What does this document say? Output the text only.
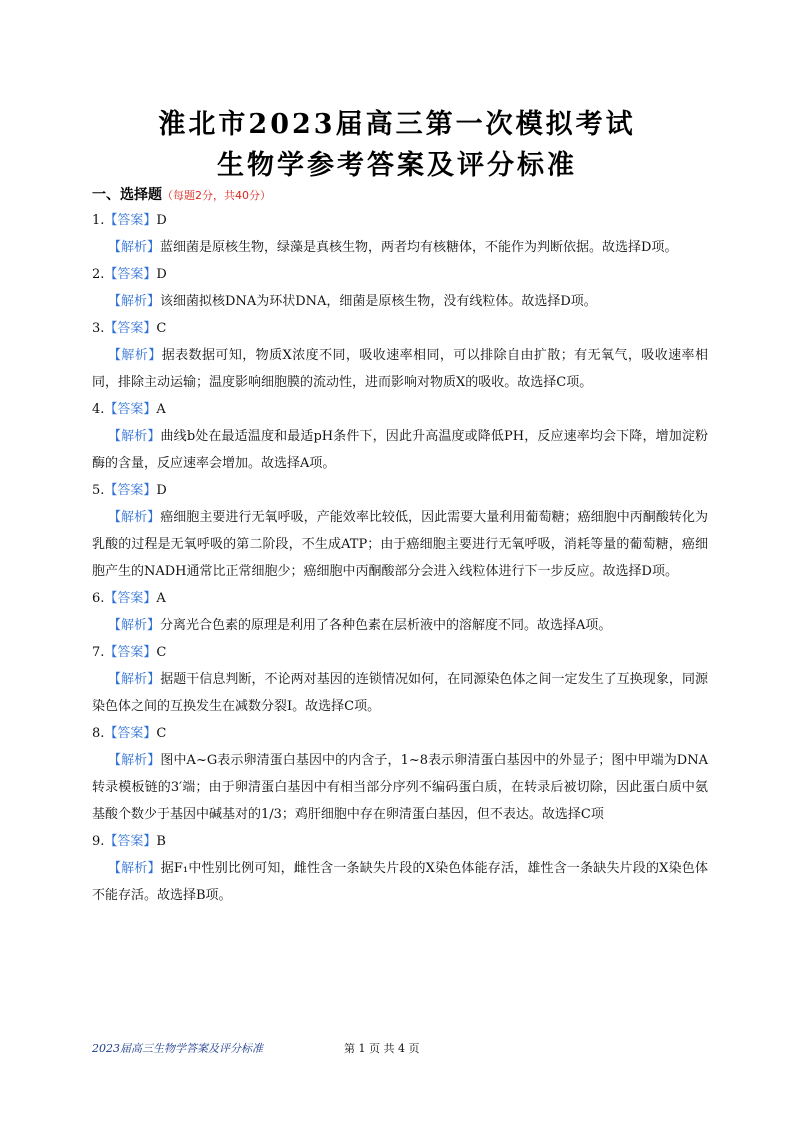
淮北市2023届高三第一次模拟考试
生物学参考答案及评分标准
一、选择题（每题2分，共40分）
1.【答案】D
【解析】蓝细菌是原核生物，绿藻是真核生物，两者均有核糖体，不能作为判断依据。故选择D项。
2.【答案】D
【解析】该细菌拟核DNA为环状DNA，细菌是原核生物，没有线粒体。故选择D项。
3.【答案】C
【解析】据表数据可知，物质X浓度不同，吸收速率相同，可以排除自由扩散；有无氧气，吸收速率相同，排除主动运输；温度影响细胞膜的流动性，进而影响对物质X的吸收。故选择C项。
4.【答案】A
【解析】曲线b处在最适温度和最适pH条件下，因此升高温度或降低PH，反应速率均会下降，增加淀粉酶的含量，反应速率会增加。故选择A项。
5.【答案】D
【解析】癌细胞主要进行无氧呼吸，产能效率比较低，因此需要大量利用葡萄糖；癌细胞中丙酮酸转化为乳酸的过程是无氧呼吸的第二阶段，不生成ATP；由于癌细胞主要进行无氧呼吸，消耗等量的葡萄糖，癌细胞产生的NADH通常比正常细胞少；癌细胞中丙酮酸部分会进入线粒体进行下一步反应。故选择D项。
6.【答案】A
【解析】分离光合色素的原理是利用了各种色素在层析液中的溶解度不同。故选择A项。
7.【答案】C
【解析】据题干信息判断，不论两对基因的连锁情况如何，在同源染色体之间一定发生了互换现象，同源染色体之间的互换发生在减数分裂Ⅰ。故选择C项。
8.【答案】C
【解析】图中A~G表示卵清蛋白基因中的内含子，1~8表示卵清蛋白基因中的外显子；图中甲端为DNA转录模板链的3′端；由于卵清蛋白基因中有相当部分序列不编码蛋白质，在转录后被切除，因此蛋白质中氨基酸个数少于基因中碱基对的1/3；鸡肝细胞中存在卵清蛋白基因，但不表达。故选择C项
9.【答案】B
【解析】据F₁中性别比例可知，雌性含一条缺失片段的X染色体能存活，雄性含一条缺失片段的X染色体不能存活。故选择B项。
2023届高三生物学答案及评分标准	第 1 页 共 4 页
